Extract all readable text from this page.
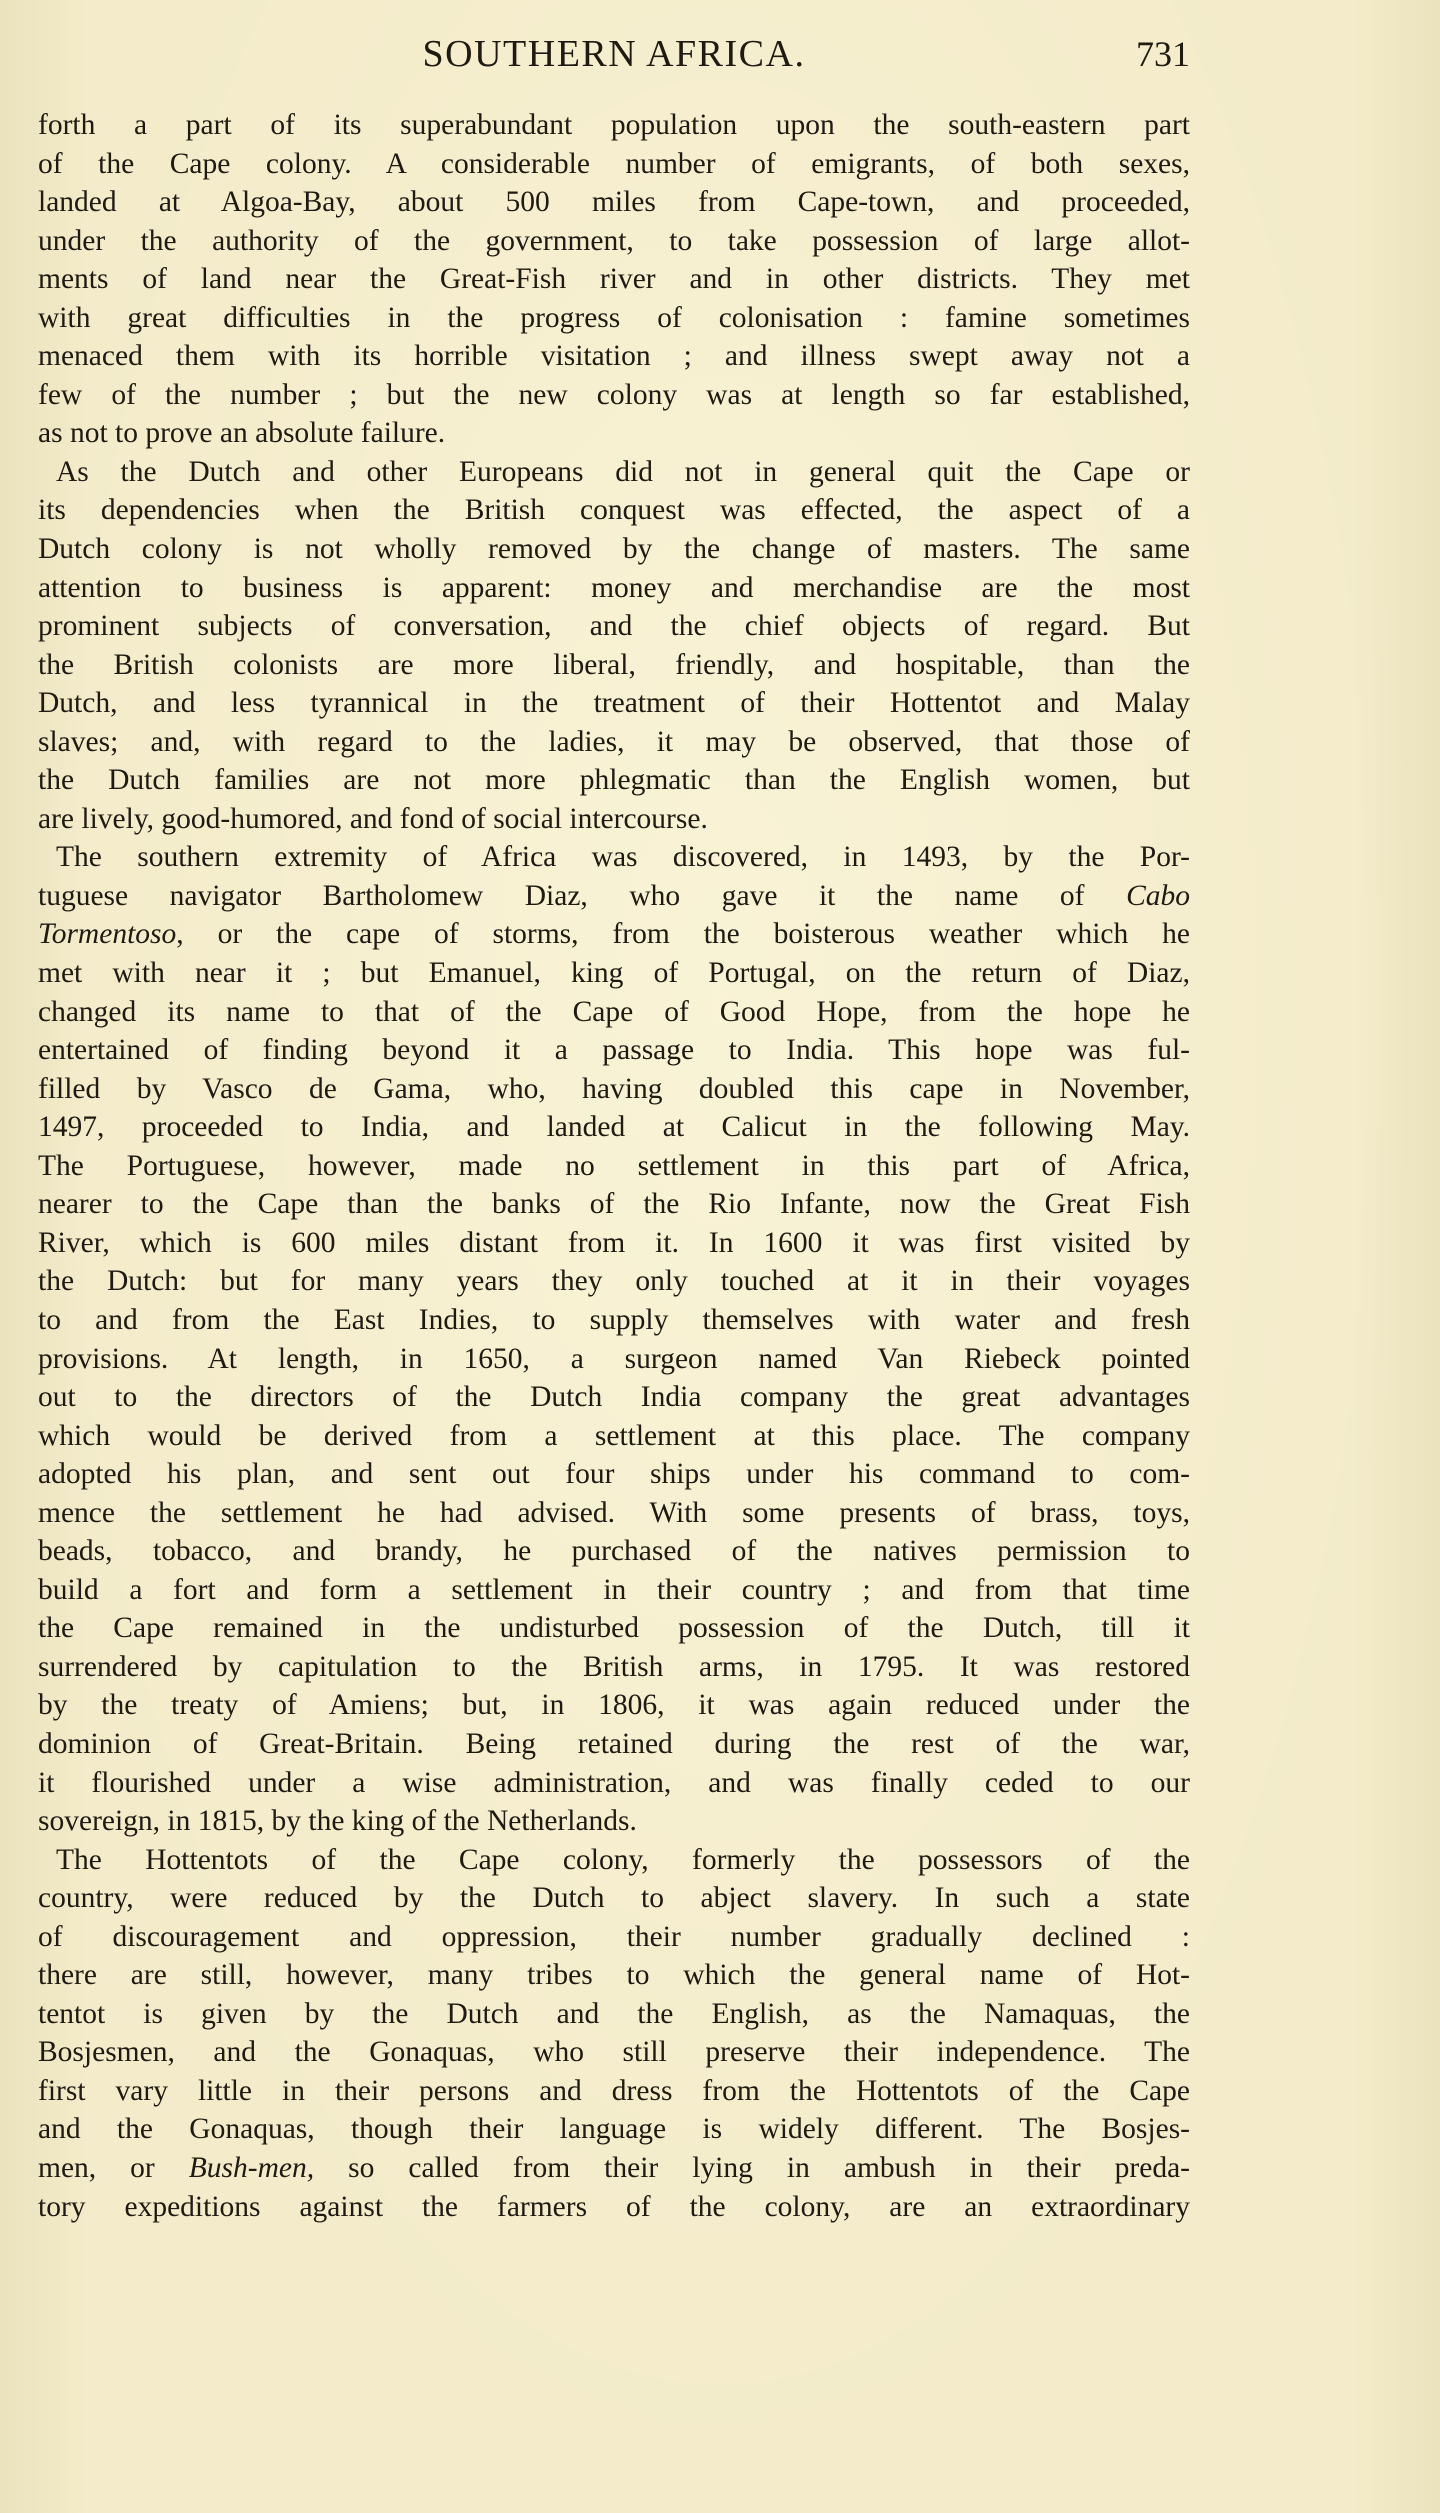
SOUTHERN AFRICA.	731
forth a part of its superabundant population upon the south-eastern part
of the Cape colony. A considerable number of emigrants, of both sexes,
landed at Algoa-Bay, about 500 miles from Cape-town, and proceeded,
under the authority of the government, to take possession of large allot-
ments of land near the Great-Fish river and in other districts. They met
with great difficulties in the progress of colonisation : famine sometimes
menaced them with its horrible visitation ; and illness swept away not a
few of the number ; but the new colony was at length so far established,
as not to prove an absolute failure.
As the Dutch and other Europeans did not in general quit the Cape or
its dependencies when the British conquest was effected, the aspect of a
Dutch colony is not wholly removed by the change of masters. The same
attention to business is apparent: money and merchandise are the most
prominent subjects of conversation, and the chief objects of regard. But
the British colonists are more liberal, friendly, and hospitable, than the
Dutch, and less tyrannical in the treatment of their Hottentot and Malay
slaves; and, with regard to the ladies, it may be observed, that those of
the Dutch families are not more phlegmatic than the English women, but
are lively, good-humored, and fond of social intercourse.
The southern extremity of Africa was discovered, in 1493, by the Por-
tuguese navigator Bartholomew Diaz, who gave it the name of Cabo
Tormentoso, or the cape of storms, from the boisterous weather which he
met with near it ; but Emanuel, king of Portugal, on the return of Diaz,
changed its name to that of the Cape of Good Hope, from the hope he
entertained of finding beyond it a passage to India. This hope was ful-
filled by Vasco de Gama, who, having doubled this cape in November,
1497, proceeded to India, and landed at Calicut in the following May.
The Portuguese, however, made no settlement in this part of Africa,
nearer to the Cape than the banks of the Rio Infante, now the Great Fish
River, which is 600 miles distant from it. In 1600 it was first visited by
the Dutch: but for many years they only touched at it in their voyages
to and from the East Indies, to supply themselves with water and fresh
provisions. At length, in 1650, a surgeon named Van Riebeck pointed
out to the directors of the Dutch India company the great advantages
which would be derived from a settlement at this place. The company
adopted his plan, and sent out four ships under his command to com-
mence the settlement he had advised. With some presents of brass, toys,
beads, tobacco, and brandy, he purchased of the natives permission to
build a fort and form a settlement in their country ; and from that time
the Cape remained in the undisturbed possession of the Dutch, till it
surrendered by capitulation to the British arms, in 1795. It was restored
by the treaty of Amiens; but, in 1806, it was again reduced under the
dominion of Great-Britain. Being retained during the rest of the war,
it flourished under a wise administration, and was finally ceded to our
sovereign, in 1815, by the king of the Netherlands.
The Hottentots of the Cape colony, formerly the possessors of the
country, were reduced by the Dutch to abject slavery. In such a state
of discouragement and oppression, their number gradually declined :
there are still, however, many tribes to which the general name of Hot-
tentot is given by the Dutch and the English, as the Namaquas, the
Bosjesmen, and the Gonaquas, who still preserve their independence. The
first vary little in their persons and dress from the Hottentots of the Cape
and the Gonaquas, though their language is widely different. The Bosjes-
men, or Bush-men, so called from their lying in ambush in their preda-
tory expeditions against the farmers of the colony, are an extraordinary
